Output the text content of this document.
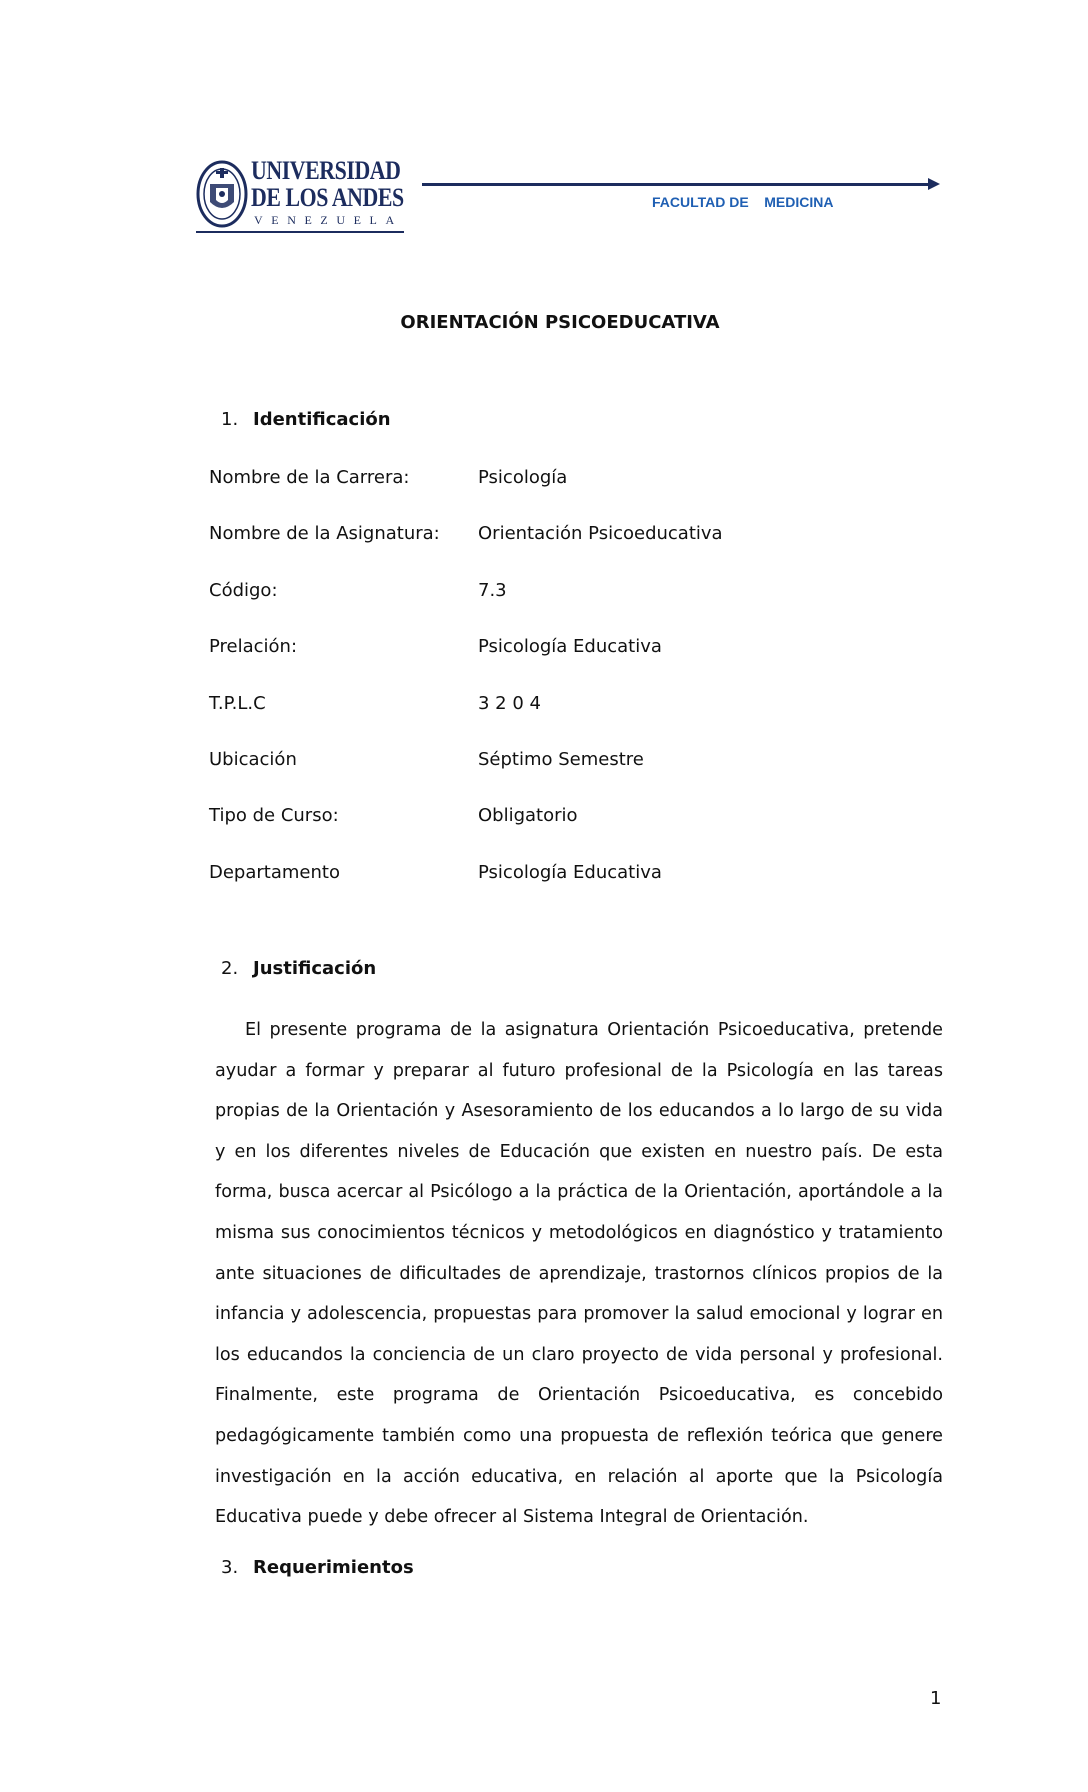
UNIVERSIDAD
DE LOS ANDES
VENEZUELA
FACULTAD DE    MEDICINA
ORIENTACIÓN PSICOEDUCATIVA
1. Identificación
Nombre de la Carrera:	Psicología
Nombre de la Asignatura: Orientación Psicoeducativa
Código:	7.3
Prelación:	Psicología Educativa
T.P.L.C	3 2 0 4
Ubicación	Séptimo Semestre
Tipo de Curso:	Obligatorio
Departamento	Psicología Educativa
2. Justificación
El presente programa de la asignatura Orientación Psicoeducativa, pretende ayudar a formar y preparar al futuro profesional de la Psicología en las tareas propias de la Orientación y Asesoramiento de los educandos a lo largo de su vida y en los diferentes niveles de Educación que existen en nuestro país. De esta forma, busca acercar al Psicólogo a la práctica de la Orientación, aportándole a la misma sus conocimientos técnicos y metodológicos en diagnóstico y tratamiento ante situaciones de dificultades de aprendizaje, trastornos clínicos propios de la infancia y adolescencia, propuestas para promover la salud emocional y lograr en los educandos la conciencia de un claro proyecto de vida personal y profesional. Finalmente, este programa de Orientación Psicoeducativa, es concebido pedagógicamente también como una propuesta de reflexión teórica que genere investigación en la acción educativa, en relación al aporte que la Psicología Educativa puede y debe ofrecer al Sistema Integral de Orientación.
3. Requerimientos
1
